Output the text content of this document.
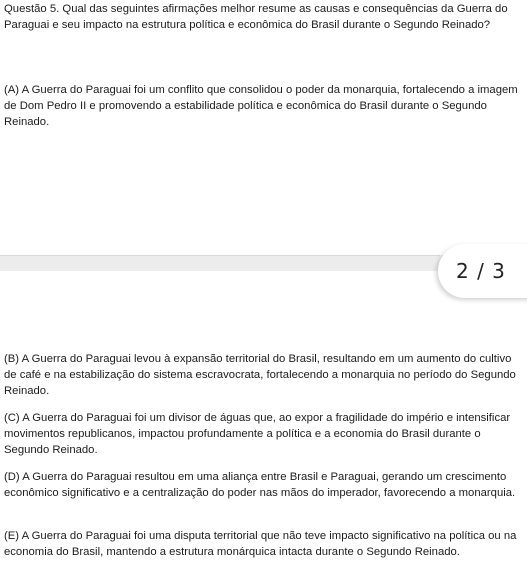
Questão 5. Qual das seguintes afirmações melhor resume as causas e consequências da Guerra do Paraguai e seu impacto na estrutura política e econômica do Brasil durante o Segundo Reinado?

(A) A Guerra do Paraguai foi um conflito que consolidou o poder da monarquia, fortalecendo a imagem de Dom Pedro II e promovendo a estabilidade política e econômica do Brasil durante o Segundo Reinado.

2 / 3

(B) A Guerra do Paraguai levou à expansão territorial do Brasil, resultando em um aumento do cultivo de café e na estabilização do sistema escravocrata, fortalecendo a monarquia no período do Segundo Reinado.

(C) A Guerra do Paraguai foi um divisor de águas que, ao expor a fragilidade do império e intensificar movimentos republicanos, impactou profundamente a política e a economia do Brasil durante o Segundo Reinado.

(D) A Guerra do Paraguai resultou em uma aliança entre Brasil e Paraguai, gerando um crescimento econômico significativo e a centralização do poder nas mãos do imperador, favorecendo a monarquia.

(E) A Guerra do Paraguai foi uma disputa territorial que não teve impacto significativo na política ou na economia do Brasil, mantendo a estrutura monárquica intacta durante o Segundo Reinado.
